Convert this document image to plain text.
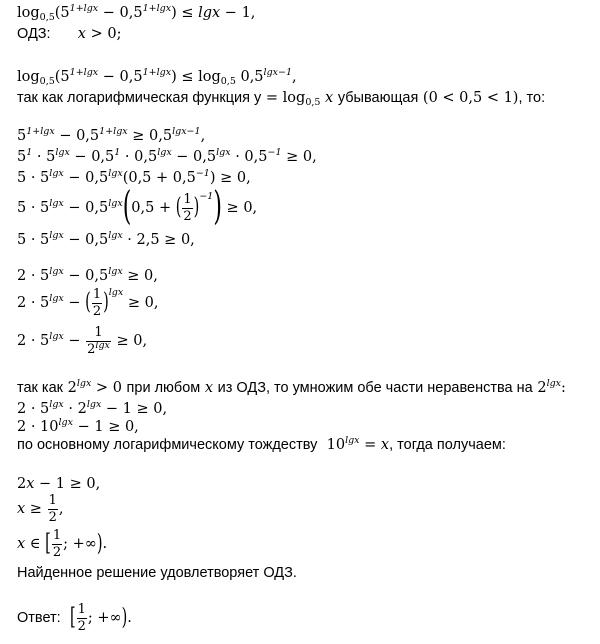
$\log_{0,5}(5^{1+lgx} - 0,5^{1+lgx}) \le \lg x - 1$,
ОДЗ: x > 0;
$\log_{0,5}(5^{1+lgx} - 0,5^{1+lgx}) \le \log_{0,5} 0,5^{lgx-1}$,
так как логарифмическая функция $y = \log_{0,5} x$ убывающая (0 < 0,5 < 1), то:
$5^{1+lgx} - 0,5^{1+lgx} \ge 0,5^{lgx-1}$,
$5^1 \cdot 5^{lgx} - 0,5^1 \cdot 0,5^{lgx} - 0,5^{lgx} \cdot 0,5^{-1} \ge 0$,
$5 \cdot 5^{lgx} - 0,5^{lgx}(0,5 + 0,5^{-1}) \ge 0$,
$5 \cdot 5^{lgx} - 0,5^{lgx}(0,5$ + ( $\frac{1}{2} )^{-1}) \ge 0$,
$5 \cdot 5^{lgx} - 0,5^{lgx} \cdot 2,5 \ge 0$,
$2 \cdot 5^{lgx} - 0,5^{lgx} \ge 0$,
$2 \cdot 5^{lgx}$ − ( $\frac{1}{2} )^{lgx} \ge 0$,
$2 \cdot 5^{lgx} - \frac{1}{2^{lgx}} \ge 0$,
так как $2^{lgx} > 0$ при любом x из ОДЗ, то умножим обе части неравенства на $2^{lgx}$:
$2 \cdot 5^{lgx} \cdot 2^{lgx} - 1 \ge 0$,
$2 \cdot 10^{lgx} - 1 \ge 0$,
по основному логарифмическому тождеству  $10^{lgx} = x$, тогда получаем:
2x − 1 ≥ 0,
$x \ge \frac{1}{2}$ ,
x ∈ [ $\frac{1}{2}$ ; +∞).
Найденное решение удовлетворяет ОДЗ.
Ответ: [ $\frac{1}{2}$ ; +∞).
